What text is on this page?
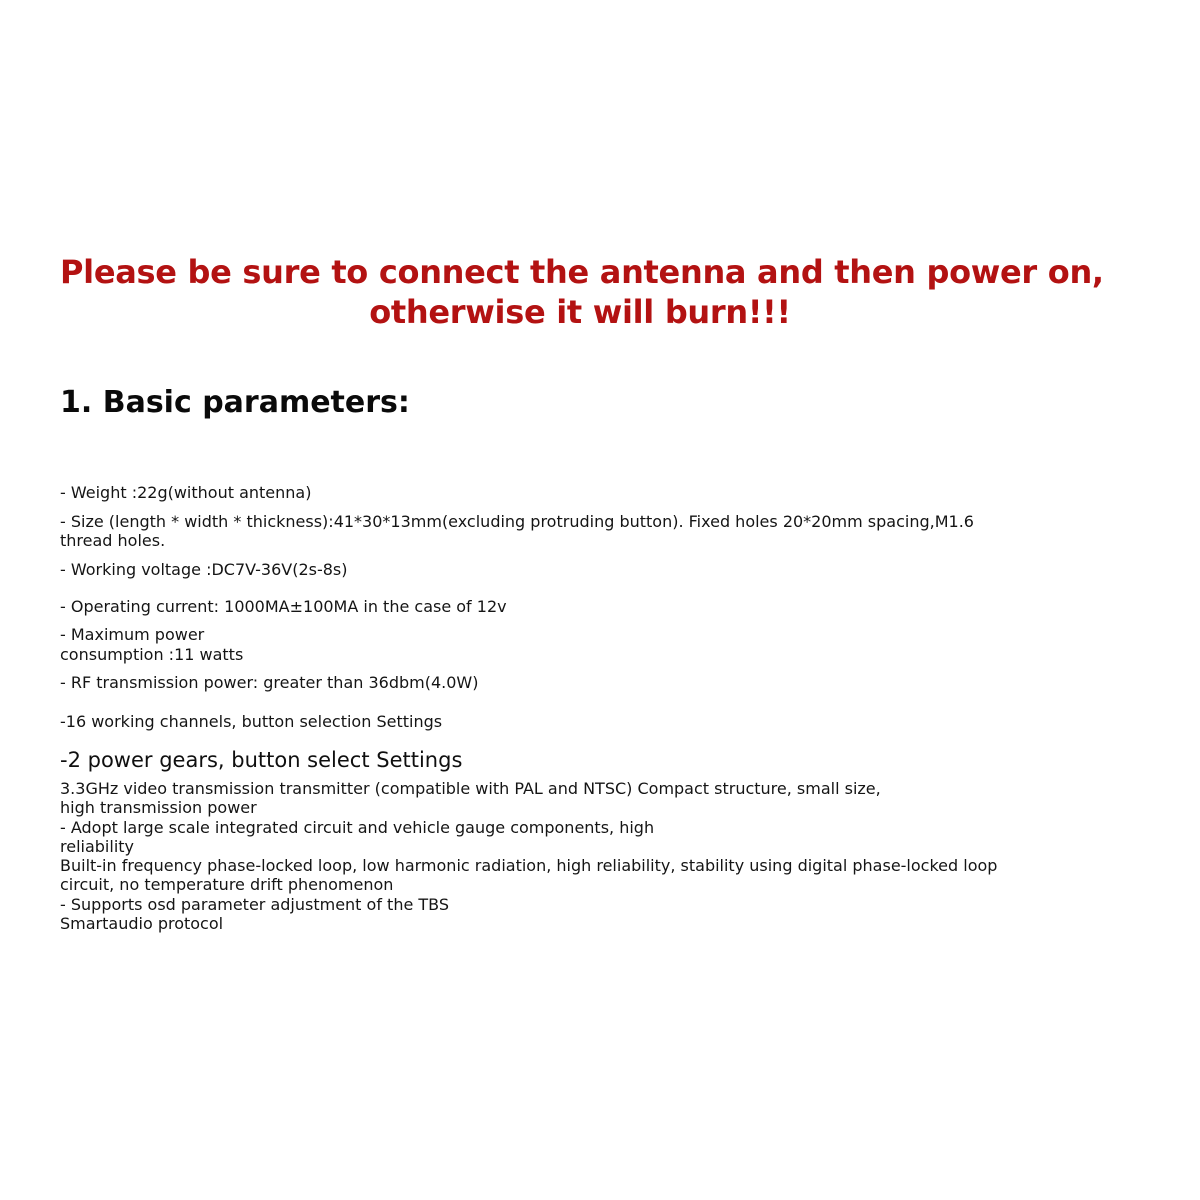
Please be sure to connect the antenna and then power on,
otherwise it will burn!!!
1. Basic parameters:
- Weight :22g(without antenna)
- Size (length * width * thickness):41*30*13mm(excluding protruding button). Fixed holes 20*20mm spacing,M1.6
thread holes.
- Working voltage :DC7V-36V(2s-8s)
- Operating current: 1000MA±100MA in the case of 12v
- Maximum power
consumption :11 watts
- RF transmission power: greater than 36dbm(4.0W)
-16 working channels, button selection Settings
-2 power gears, button select Settings
3.3GHz video transmission transmitter (compatible with PAL and NTSC) Compact structure, small size,
high transmission power
- Adopt large scale integrated circuit and vehicle gauge components, high
reliability
Built-in frequency phase-locked loop, low harmonic radiation, high reliability, stability using digital phase-locked loop
circuit, no temperature drift phenomenon
- Supports osd parameter adjustment of the TBS
Smartaudio protocol
